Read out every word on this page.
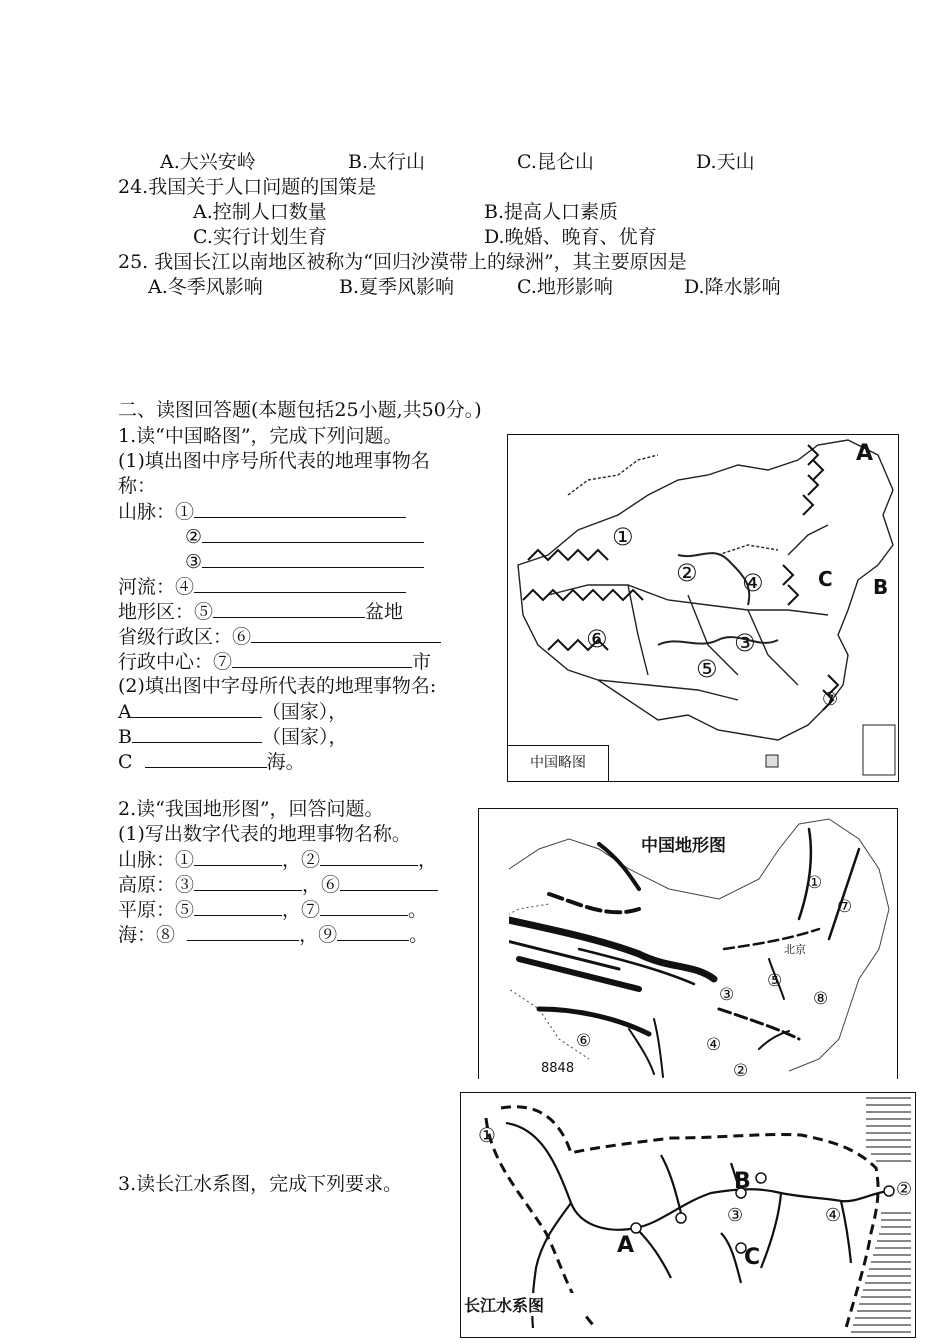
A.大兴安岭	B.太行山	C.昆仑山	D.天山
24.我国关于人口问题的国策是
A.控制人口数量	B.提高人口素质
C.实行计划生育	D.晚婚、晚育、优育
25. 我国长江以南地区被称为“回归沙漠带上的绿洲”，其主要原因是
A.冬季风影响	B.夏季风影响	C.地形影响	D.降水影响
二、读图回答题(本题包括25小题,共50分。)
1.读“中国略图”，完成下列问题。
(1)填出图中序号所代表的地理事物名
称：
山脉：①
②
③
河流：④
地形区：⑤	盆地
省级行政区：⑥
行政中心：⑦	市
(2)填出图中字母所代表的地理事物名:
A	（国家），
B	（国家），
C	海。
A
B
C
①
②
③
④
⑤
⑥
⑦
中国略图
2.读“我国地形图”，回答问题。
(1)写出数字代表的地理事物名称。
山脉：①	，②	，
高原：③	，⑥
平原：⑤	，⑦	。
海：⑧	，⑨	。
中国地形图
北京
8848
①
②
③
④
⑤
⑥
⑦
⑧
3.读长江水系图，完成下列要求。
①
②
③	④
A
B
C
长江水系图
